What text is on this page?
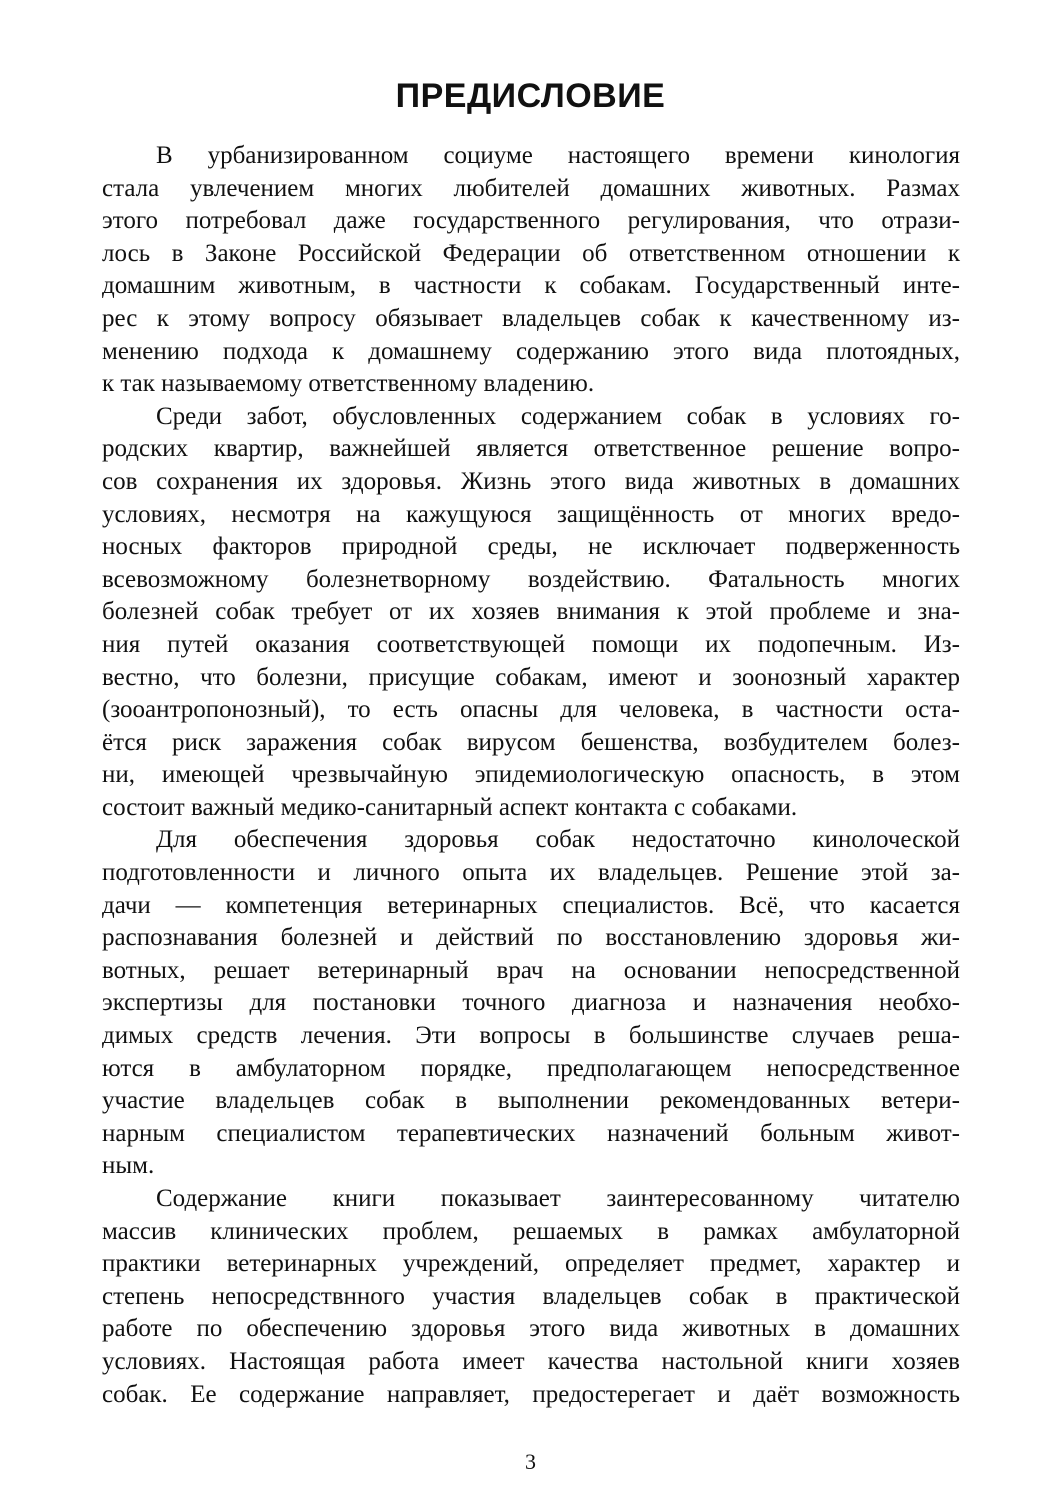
ПРЕДИСЛОВИЕ

В урбанизированном социуме настоящего времени кинология
стала увлечением многих любителей домашних животных. Размах
этого потребовал даже государственного регулирования, что отрази-
лось в Законе Российской Федерации об ответственном отношении к
домашним животным, в частности к собакам. Государственный инте-
рес к этому вопросу обязывает владельцев собак к качественному из-
менению подхода к домашнему содержанию этого вида плотоядных,
к так называемому ответственному владению.

Среди забот, обусловленных содержанием собак в условиях го-
родских квартир, важнейшей является ответственное решение вопро-
сов сохранения их здоровья. Жизнь этого вида животных в домашних
условиях, несмотря на кажущуюся защищённость от многих вредо-
носных факторов природной среды, не исключает подверженность
всевозможному болезнетворному воздействию. Фатальность многих
болезней собак требует от их хозяев внимания к этой проблеме и зна-
ния путей оказания соответствующей помощи их подопечным. Из-
вестно, что болезни, присущие собакам, имеют и зоонозный характер
(зооантропонозный), то есть опасны для человека, в частности оста-
ётся риск заражения собак вирусом бешенства, возбудителем болез-
ни, имеющей чрезвычайную эпидемиологическую опасность, в этом
состоит важный медико-санитарный аспект контакта с собаками.

Для обеспечения здоровья собак недостаточно кинолоческой
подготовленности и личного опыта их владельцев. Решение этой за-
дачи — компетенция ветеринарных специалистов. Всё, что касается
распознавания болезней и действий по восстановлению здоровья жи-
вотных, решает ветеринарный врач на основании непосредственной
экспертизы для постановки точного диагноза и назначения необхо-
димых средств лечения. Эти вопросы в большинстве случаев реша-
ются в амбулаторном порядке, предполагающем непосредственное
участие владельцев собак в выполнении рекомендованных ветери-
нарным специалистом терапевтических назначений больным живот-
ным.

Содержание книги показывает заинтересованному читателю
массив клинических проблем, решаемых в рамках амбулаторной
практики ветеринарных учреждений, определяет предмет, характер и
степень непосредствнного участия владельцев собак в практической
работе по обеспечению здоровья этого вида животных в домашних
условиях. Настоящая работа имеет качества настольной книги хозяев
собак. Ее содержание направляет, предостерегает и даёт возможность

3
